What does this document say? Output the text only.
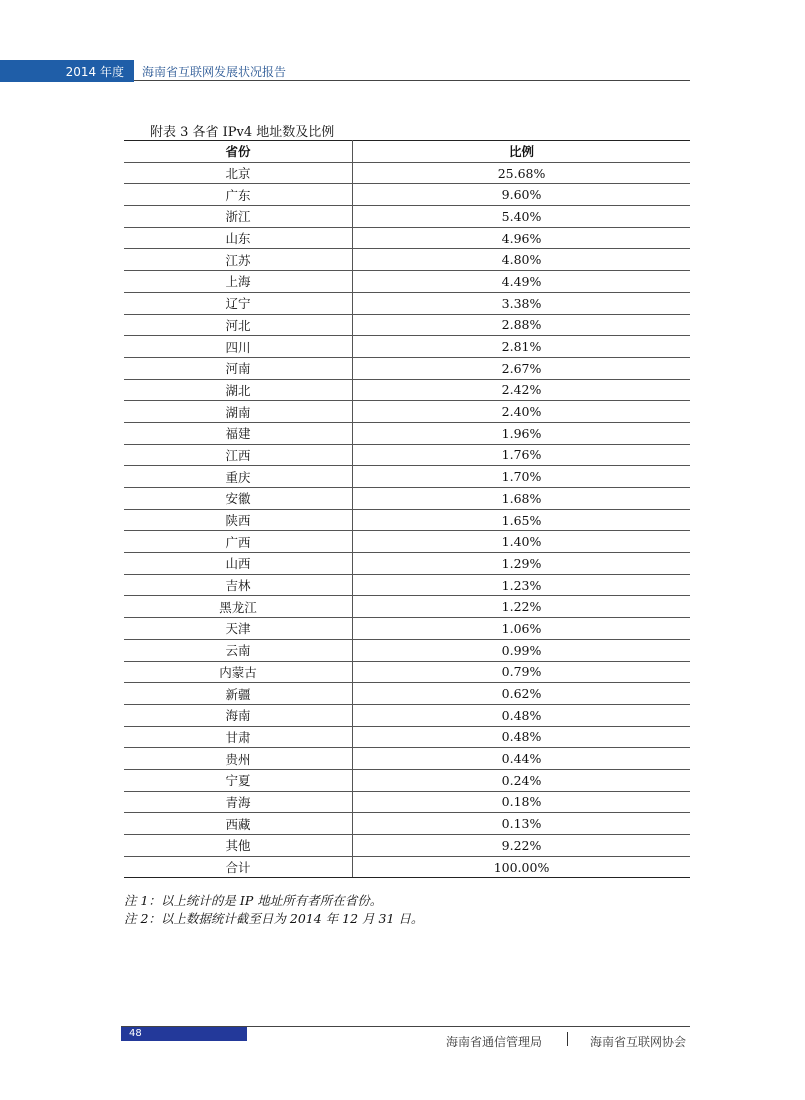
2014 年度 海南省互联网发展状况报告
附表 3 各省 IPv4 地址数及比例
省份	比例
北京	25.68%
广东	9.60%
浙江	5.40%
山东	4.96%
江苏	4.80%
上海	4.49%
辽宁	3.38%
河北	2.88%
四川	2.81%
河南	2.67%
湖北	2.42%
湖南	2.40%
福建	1.96%
江西	1.76%
重庆	1.70%
安徽	1.68%
陕西	1.65%
广西	1.40%
山西	1.29%
吉林	1.23%
黑龙江	1.22%
天津	1.06%
云南	0.99%
内蒙古	0.79%
新疆	0.62%
海南	0.48%
甘肃	0.48%
贵州	0.44%
宁夏	0.24%
青海	0.18%
西藏	0.13%
其他	9.22%
合计	100.00%
注 1：以上统计的是 IP 地址所有者所在省份。
注 2：以上数据统计截至日为 2014 年 12 月 31 日。
48
海南省通信管理局	海南省互联网协会
